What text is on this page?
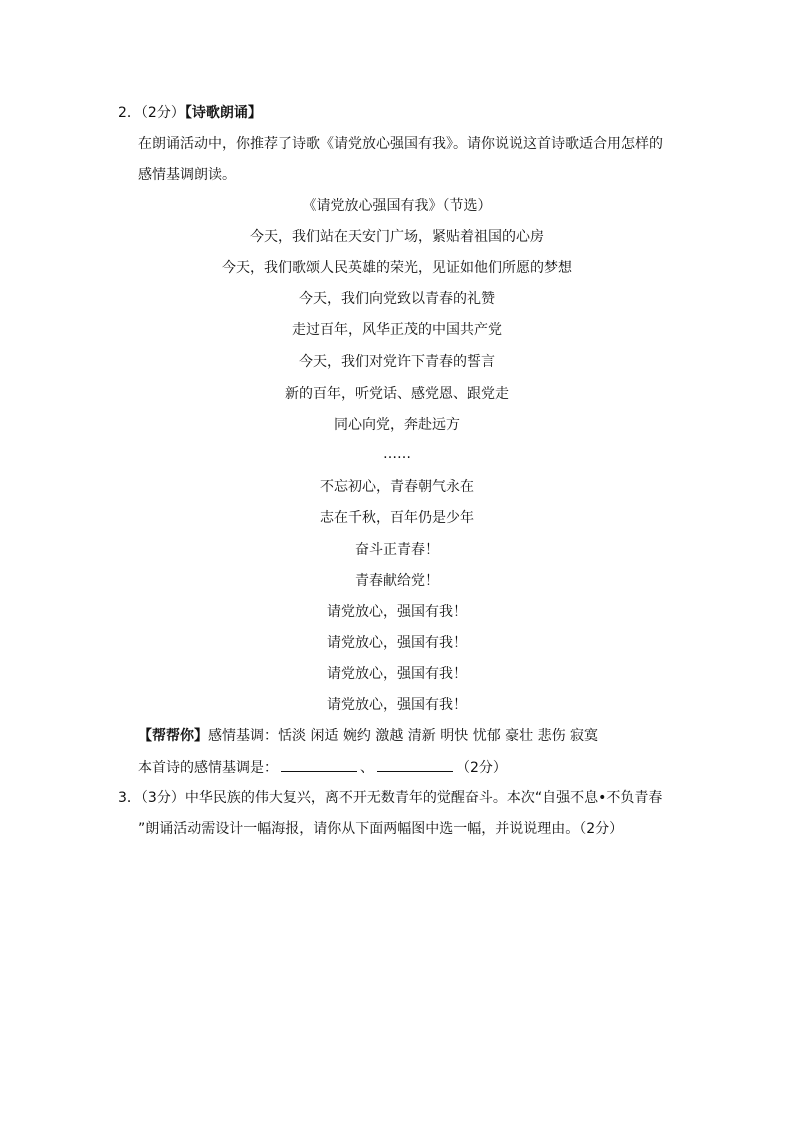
2．（2分）【诗歌朗诵】
在朗诵活动中，你推荐了诗歌《请党放心强国有我》。请你说说这首诗歌适合用怎样的
感情基调朗读。
《请党放心强国有我》（节选）
今天，我们站在天安门广场，紧贴着祖国的心房
今天，我们歌颂人民英雄的荣光，见证如他们所愿的梦想
今天，我们向党致以青春的礼赞
走过百年，风华正茂的中国共产党
今天，我们对党许下青春的誓言
新的百年，听党话、感党恩、跟党走
同心向党，奔赴远方
……
不忘初心，青春朝气永在
志在千秋，百年仍是少年
奋斗正青春！
青春献给党！
请党放心，强国有我！
请党放心，强国有我！
请党放心，强国有我！
请党放心，强国有我！
【帮帮你】感情基调：恬淡 闲适 婉约 激越 清新 明快 忧郁 豪壮 悲伤 寂寞
本首诗的感情基调是：	、	（2分）
3．（3分）中华民族的伟大复兴，离不开无数青年的觉醒奋斗。本次“自强不息•不负青春
”朗诵活动需设计一幅海报，请你从下面两幅图中选一幅，并说说理由。（2分）
